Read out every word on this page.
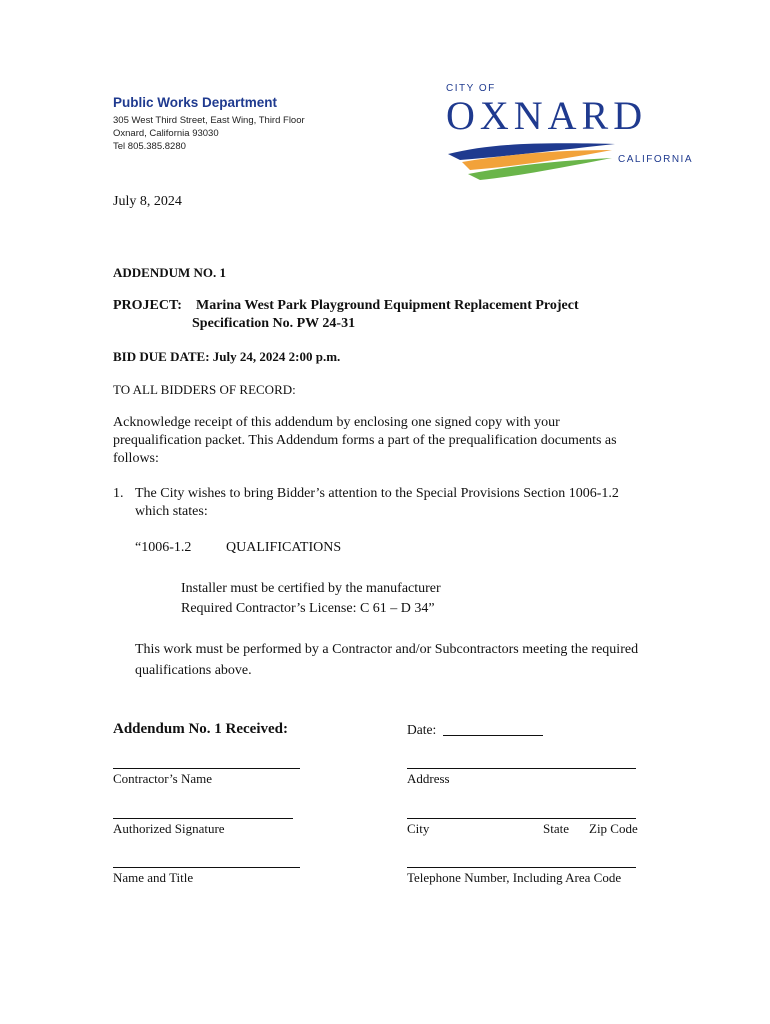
Public Works Department
305 West Third Street, East Wing, Third Floor
Oxnard, California 93030
Tel 805.385.8280
CITY OF
OXNARD
CALIFORNIA
July 8, 2024
ADDENDUM NO. 1
PROJECT: Marina West Park Playground Equipment Replacement Project
Specification No. PW 24-31
BID DUE DATE: July 24, 2024 2:00 p.m.
TO ALL BIDDERS OF RECORD:
Acknowledge receipt of this addendum by enclosing one signed copy with your
prequalification packet. This Addendum forms a part of the prequalification documents as
follows:
1. The City wishes to bring Bidder’s attention to the Special Provisions Section 1006-1.2
which states:
“1006-1.2 QUALIFICATIONS
Installer must be certified by the manufacturer
Required Contractor’s License: C 61 – D 34”
This work must be performed by a Contractor and/or Subcontractors meeting the required
qualifications above.
Addendum No. 1 Received:	Date:
Contractor’s Name	Address
Authorized Signature	City	State Zip Code
Name and Title	Telephone Number, Including Area Code
